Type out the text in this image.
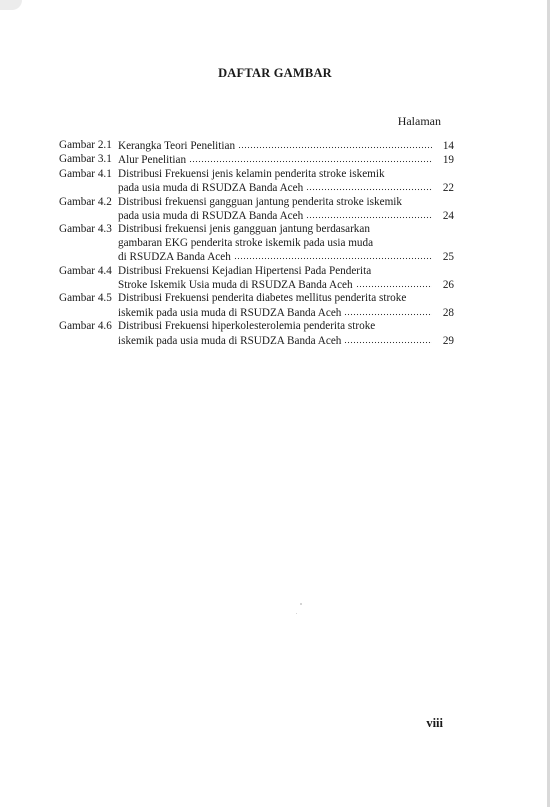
DAFTAR GAMBAR
Halaman
Gambar 2.1 Kerangka Teori Penelitian	14
Gambar 3.1 Alur Penelitian	19
Gambar 4.1 Distribusi Frekuensi jenis kelamin penderita stroke iskemik
pada usia muda di RSUDZA Banda Aceh	22
Gambar 4.2 Distribusi frekuensi gangguan jantung penderita stroke iskemik
pada usia muda di RSUDZA Banda Aceh	24
Gambar 4.3 Distribusi frekuensi jenis gangguan jantung berdasarkan
gambaran EKG penderita stroke iskemik pada usia muda
di RSUDZA Banda Aceh	25
Gambar 4.4 Distribusi Frekuensi Kejadian Hipertensi Pada Penderita
Stroke Iskemik Usia muda di RSUDZA Banda Aceh	26
Gambar 4.5 Distribusi Frekuensi penderita diabetes mellitus penderita stroke
iskemik pada usia muda di RSUDZA Banda Aceh	28
Gambar 4.6 Distribusi Frekuensi hiperkolesterolemia penderita stroke
iskemik pada usia muda di RSUDZA Banda Aceh	29
viii
